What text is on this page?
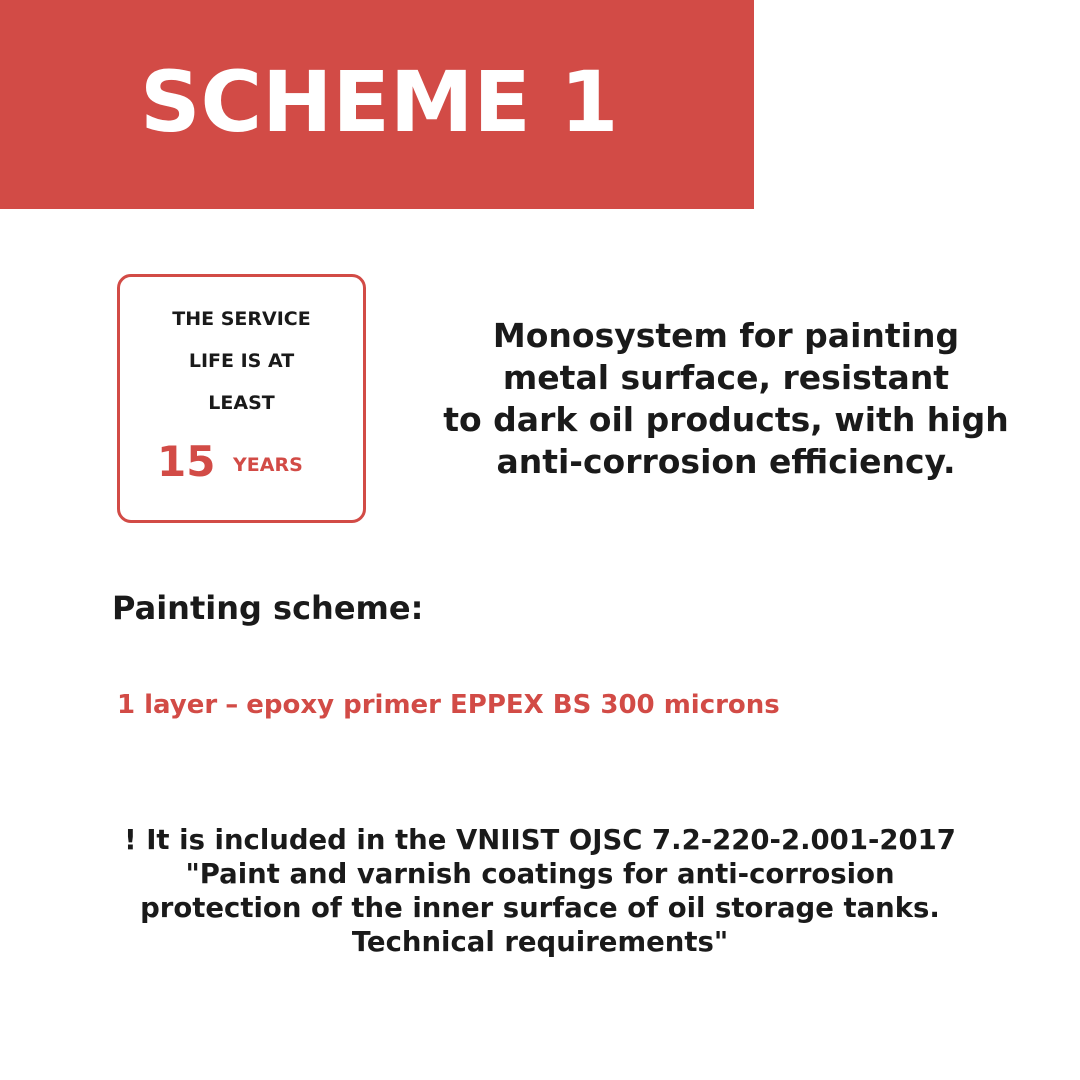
SCHEME 1
THE SERVICE
LIFE IS AT
LEAST
15 YEARS
Monosystem for painting
metal surface, resistant
to dark oil products, with high
anti-corrosion efficiency.
Painting scheme:
1 layer – epoxy primer EPPEX BS 300 microns
! It is included in the VNIIST OJSC 7.2-220-2.001-2017
"Paint and varnish coatings for anti-corrosion
protection of the inner surface of oil storage tanks.
Technical requirements"
